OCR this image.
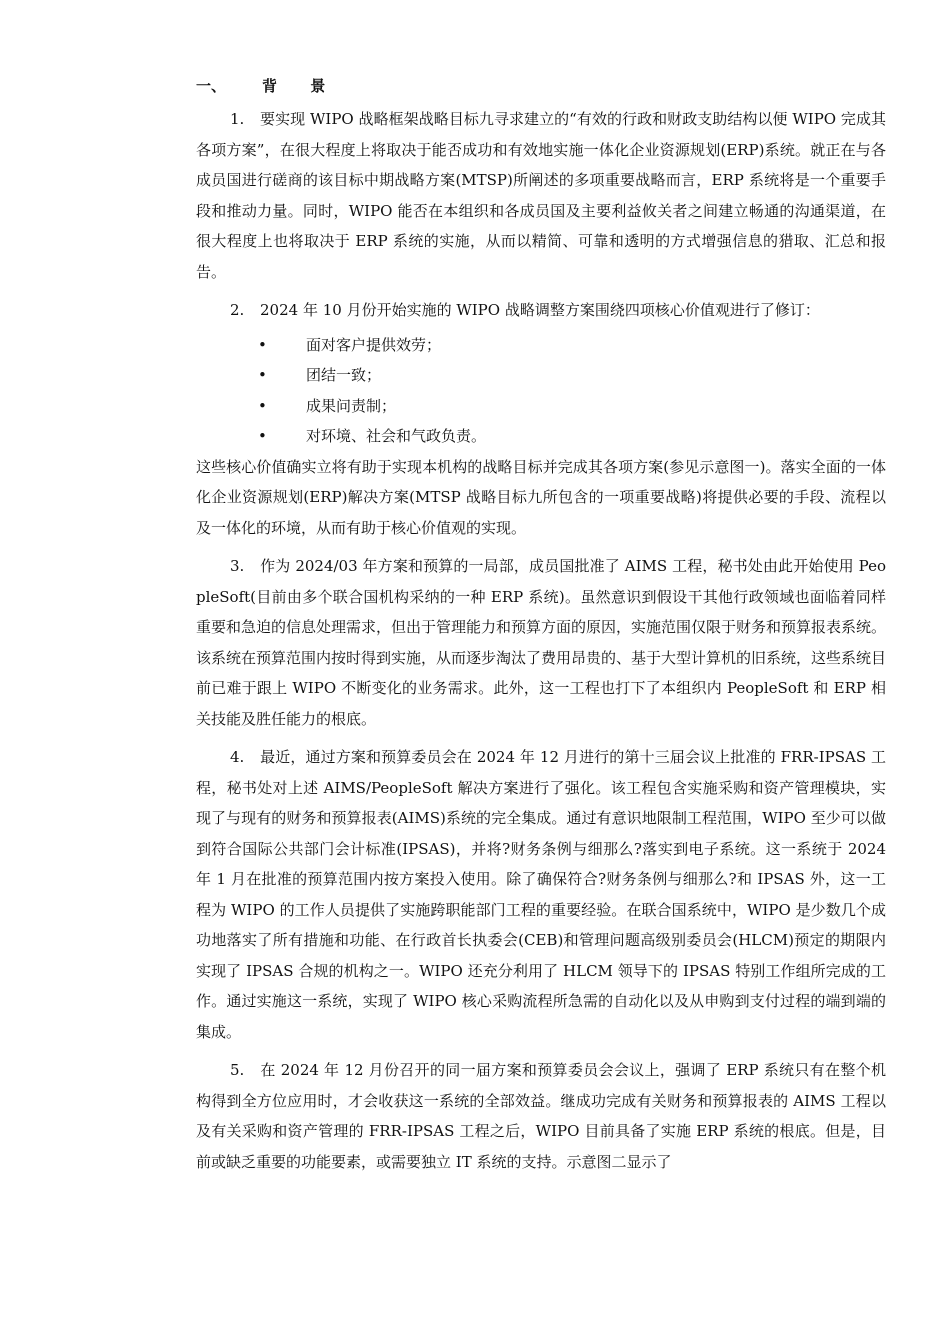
一、 背 景

1. 要实现 WIPO 战略框架战略目标九寻求建立的“有效的行政和财政支助结构以便 WIPO 完成其各项方案”，在很大程度上将取决于能否成功和有效地实施一体化企业资源规划(ERP)系统。就正在与各成员国进行磋商的该目标中期战略方案(MTSP)所阐述的多项重要战略而言，ERP 系统将是一个重要手段和推动力量。同时，WIPO 能否在本组织和各成员国及主要利益攸关者之间建立畅通的沟通渠道，在很大程度上也将取决于 ERP 系统的实施，从而以精简、可靠和透明的方式增强信息的猎取、汇总和报告。

2. 2024 年 10 月份开始实施的 WIPO 战略调整方案围绕四项核心价值观进行了修订：

•	面对客户提供效劳；
•	团结一致；
•	成果问责制；
•	对环境、社会和气政负责。

这些核心价值确实立将有助于实现本机构的战略目标并完成其各项方案(参见示意图一)。落实全面的一体化企业资源规划(ERP)解决方案(MTSP 战略目标九所包含的一项重要战略)将提供必要的手段、流程以及一体化的环境，从而有助于核心价值观的实现。

3. 作为 2024/03 年方案和预算的一局部，成员国批准了 AIMS 工程，秘书处由此开始使用 PeopleSoft(目前由多个联合国机构采纳的一种 ERP 系统)。虽然意识到假设干其他行政领域也面临着同样重要和急迫的信息处理需求，但出于管理能力和预算方面的原因，实施范围仅限于财务和预算报表系统。该系统在预算范围内按时得到实施，从而逐步淘汰了费用昂贵的、基于大型计算机的旧系统，这些系统目前已难于跟上 WIPO 不断变化的业务需求。此外，这一工程也打下了本组织内 PeopleSoft 和 ERP 相关技能及胜任能力的根底。

4. 最近，通过方案和预算委员会在 2024 年 12 月进行的第十三届会议上批准的 FRR-IPSAS 工程，秘书处对上述 AIMS/PeopleSoft 解决方案进行了强化。该工程包含实施采购和资产管理模块，实现了与现有的财务和预算报表(AIMS)系统的完全集成。通过有意识地限制工程范围，WIPO 至少可以做到符合国际公共部门会计标准(IPSAS)，并将?财务条例与细那么?落实到电子系统。这一系统于 2024 年 1 月在批准的预算范围内按方案投入使用。除了确保符合?财务条例与细那么?和 IPSAS 外，这一工程为 WIPO 的工作人员提供了实施跨职能部门工程的重要经验。在联合国系统中，WIPO 是少数几个成功地落实了所有措施和功能、在行政首长执委会(CEB)和管理问题高级别委员会(HLCM)预定的期限内实现了 IPSAS 合规的机构之一。WIPO 还充分利用了 HLCM 领导下的 IPSAS 特别工作组所完成的工作。通过实施这一系统，实现了 WIPO 核心采购流程所急需的自动化以及从申购到支付过程的端到端的集成。

5. 在 2024 年 12 月份召开的同一届方案和预算委员会会议上，强调了 ERP 系统只有在整个机构得到全方位应用时，才会收获这一系统的全部效益。继成功完成有关财务和预算报表的 AIMS 工程以及有关采购和资产管理的 FRR-IPSAS 工程之后，WIPO 目前具备了实施 ERP 系统的根底。但是，目前或缺乏重要的功能要素，或需要独立 IT 系统的支持。示意图二显示了
